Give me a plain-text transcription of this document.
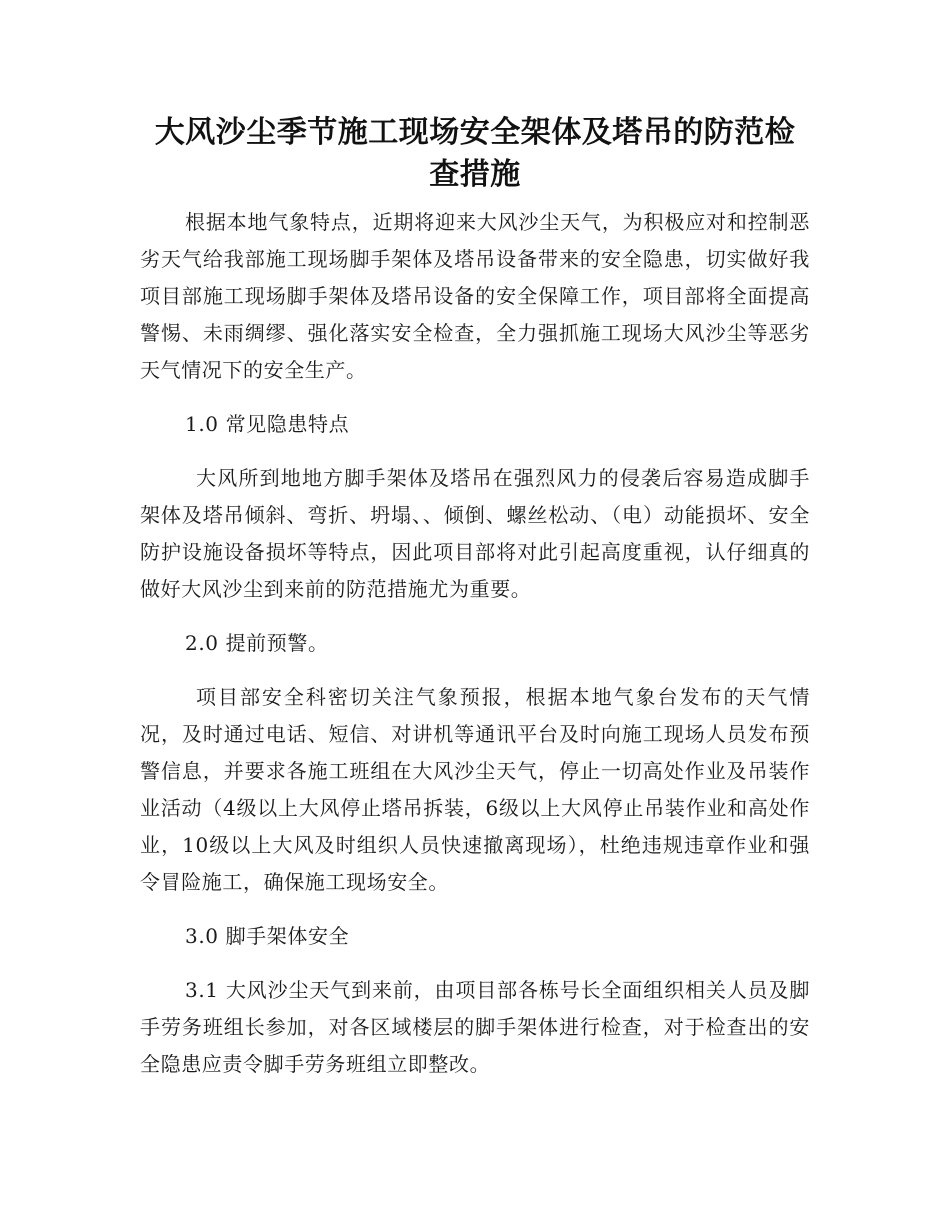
大风沙尘季节施工现场安全架体及塔吊的防范检查措施

根据本地气象特点，近期将迎来大风沙尘天气，为积极应对和控制恶劣天气给我部施工现场脚手架体及塔吊设备带来的安全隐患，切实做好我项目部施工现场脚手架体及塔吊设备的安全保障工作，项目部将全面提高警惕、未雨绸缪、强化落实安全检查，全力强抓施工现场大风沙尘等恶劣天气情况下的安全生产。

1.0 常见隐患特点

大风所到地地方脚手架体及塔吊在强烈风力的侵袭后容易造成脚手架体及塔吊倾斜、弯折、坍塌、、倾倒、螺丝松动、（电）动能损坏、安全防护设施设备损坏等特点，因此项目部将对此引起高度重视，认仔细真的做好大风沙尘到来前的防范措施尤为重要。

2.0 提前预警。

项目部安全科密切关注气象预报，根据本地气象台发布的天气情况，及时通过电话、短信、对讲机等通讯平台及时向施工现场人员发布预警信息，并要求各施工班组在大风沙尘天气，停止一切高处作业及吊装作业活动（4级以上大风停止塔吊拆装，6级以上大风停止吊装作业和高处作业，10级以上大风及时组织人员快速撤离现场），杜绝违规违章作业和强令冒险施工，确保施工现场安全。

3.0 脚手架体安全

3.1 大风沙尘天气到来前，由项目部各栋号长全面组织相关人员及脚手劳务班组长参加，对各区域楼层的脚手架体进行检查，对于检查出的安全隐患应责令脚手劳务班组立即整改。
